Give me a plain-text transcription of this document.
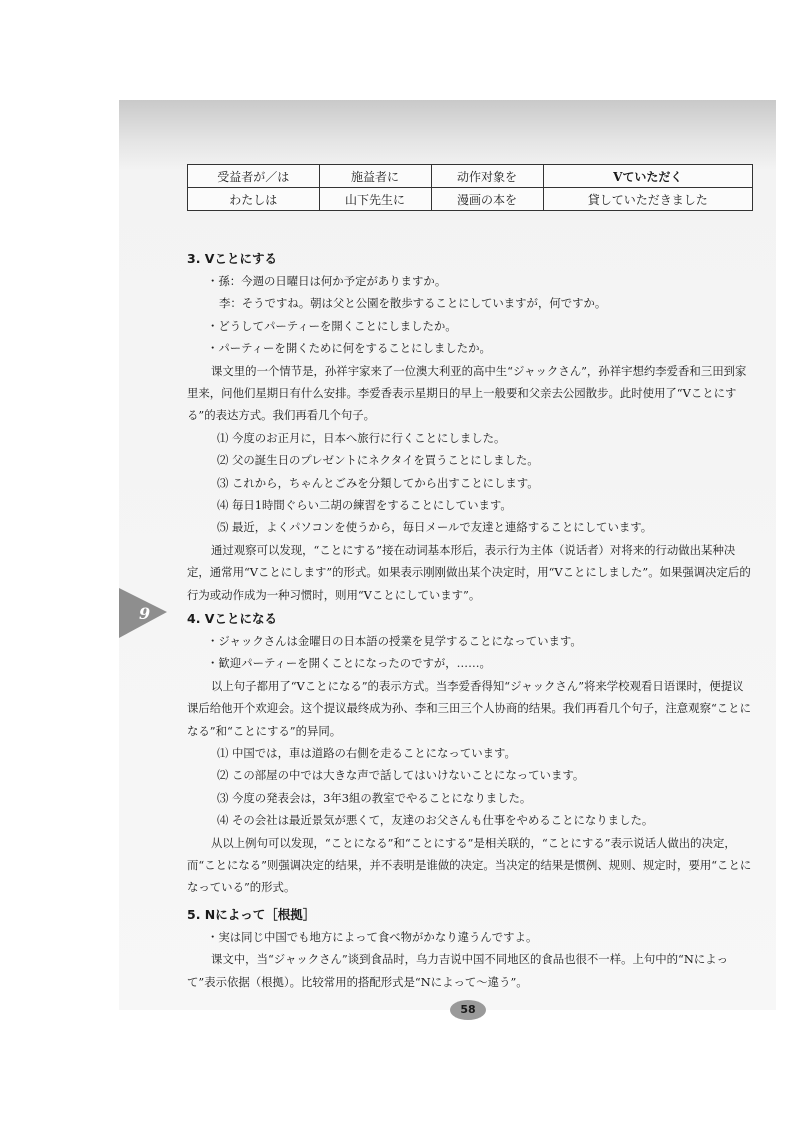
受益者が／は	施益者に	动作对象を	Ⅴていただく
わたしは	山下先生に	漫画の本を	貸していただきました
3. Ⅴことにする
・孫：今週の日曜日は何か予定がありますか。
李：そうですね。朝は父と公園を散歩することにしていますが，何ですか。
・どうしてパーティーを開くことにしましたか。
・パーティーを開くために何をすることにしましたか。
课文里的一个情节是，孙祥宇家来了一位澳大利亚的高中生“ジャックさん”，孙祥宇想约李爱香和三田到家里来，问他们星期日有什么安排。李爱香表示星期日的早上一般要和父亲去公园散步。此时使用了“Ⅴことにする”的表达方式。我们再看几个句子。
⑴ 今度のお正月に，日本へ旅行に行くことにしました。
⑵ 父の誕生日のプレゼントにネクタイを買うことにしました。
⑶ これから，ちゃんとごみを分類してから出すことにします。
⑷ 毎日1時間ぐらい二胡の練習をすることにしています。
⑸ 最近，よくパソコンを使うから，毎日メールで友達と連絡することにしています。
通过观察可以发现，“ことにする”接在动词基本形后，表示行为主体（说话者）对将来的行动做出某种决定，通常用“Ⅴことにします”的形式。如果表示刚刚做出某个决定时，用“Ⅴことにしました”。如果强调决定后的行为或动作成为一种习惯时，则用“Ⅴことにしています”。
4. Ⅴことになる
・ジャックさんは金曜日の日本語の授業を見学することになっています。
・歓迎パーティーを開くことになったのですが，……。
以上句子都用了“Ⅴことになる”的表示方式。当李爱香得知“ジャックさん”将来学校观看日语课时，便提议课后给他开个欢迎会。这个提议最终成为孙、李和三田三个人协商的结果。我们再看几个句子，注意观察“ことになる”和“ことにする”的异同。
⑴ 中国では，車は道路の右側を走ることになっています。
⑵ この部屋の中では大きな声で話してはいけないことになっています。
⑶ 今度の発表会は，3年3組の教室でやることになりました。
⑷ その会社は最近景気が悪くて，友達のお父さんも仕事をやめることになりました。
从以上例句可以发现，“ことになる”和“ことにする”是相关联的，“ことにする”表示说话人做出的决定，而“ことになる”则强调决定的结果，并不表明是谁做的决定。当决定的结果是惯例、规则、规定时，要用“ことになっている”的形式。
5. Nによって［根拠］
・実は同じ中国でも地方によって食べ物がかなり違うんですよ。
课文中，当“ジャックさん”谈到食品时，乌力吉说中国不同地区的食品也很不一样。上句中的“Nによって”表示依据（根拠）。比较常用的搭配形式是“Nによって～違う”。
9
58
